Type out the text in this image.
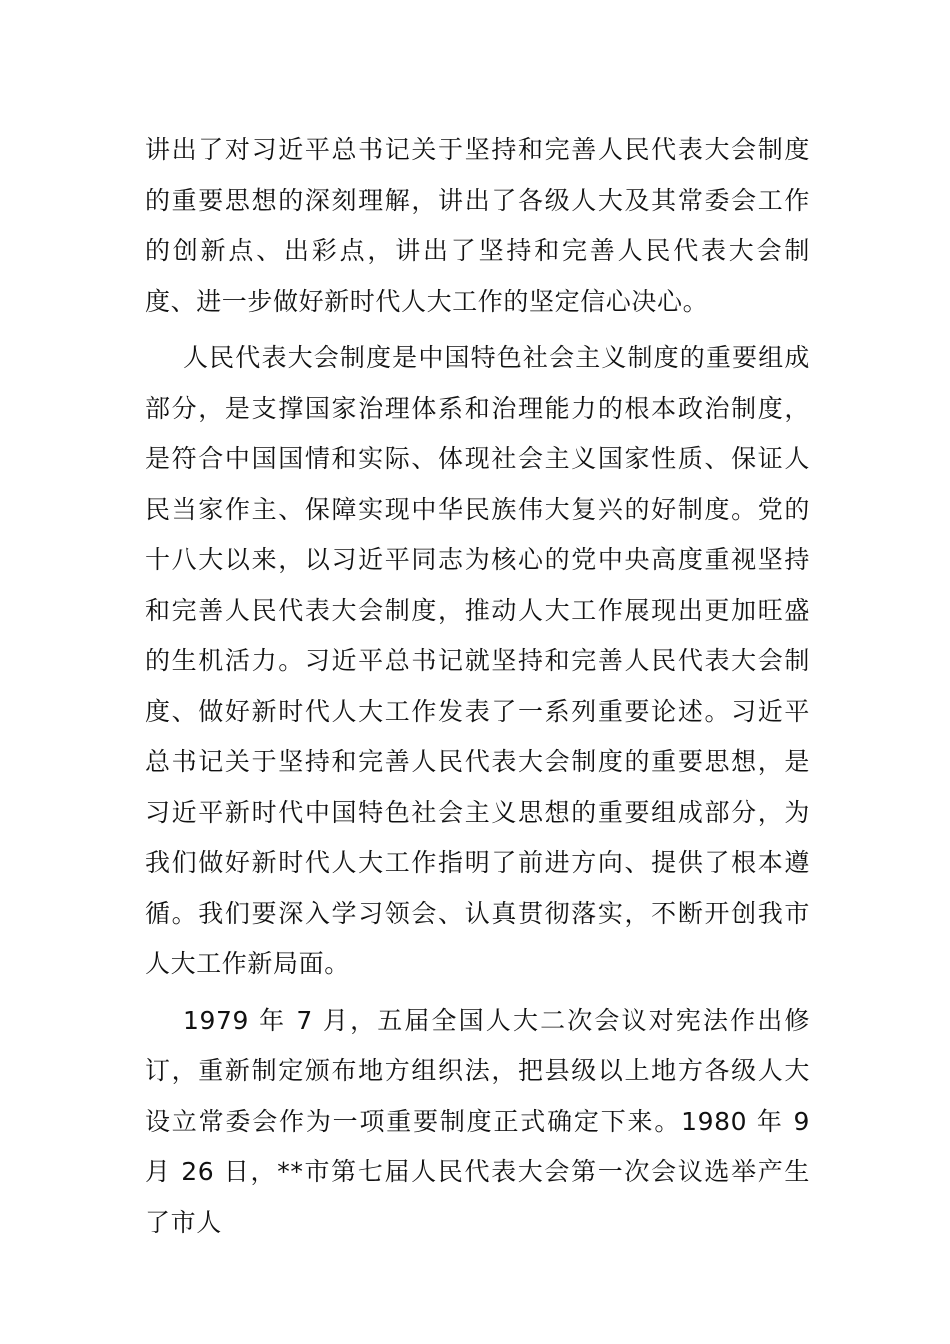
讲出了对习近平总书记关于坚持和完善人民代表大会制度的重要思想的深刻理解，讲出了各级人大及其常委会工作的创新点、出彩点，讲出了坚持和完善人民代表大会制度、进一步做好新时代人大工作的坚定信心决心。

人民代表大会制度是中国特色社会主义制度的重要组成部分，是支撑国家治理体系和治理能力的根本政治制度，是符合中国国情和实际、体现社会主义国家性质、保证人民当家作主、保障实现中华民族伟大复兴的好制度。党的十八大以来，以习近平同志为核心的党中央高度重视坚持和完善人民代表大会制度，推动人大工作展现出更加旺盛的生机活力。习近平总书记就坚持和完善人民代表大会制度、做好新时代人大工作发表了一系列重要论述。习近平总书记关于坚持和完善人民代表大会制度的重要思想，是习近平新时代中国特色社会主义思想的重要组成部分，为我们做好新时代人大工作指明了前进方向、提供了根本遵循。我们要深入学习领会、认真贯彻落实，不断开创我市人大工作新局面。

1979 年 7 月，五届全国人大二次会议对宪法作出修订，重新制定颁布地方组织法，把县级以上地方各级人大设立常委会作为一项重要制度正式确定下来。1980 年 9 月 26 日，**市第七届人民代表大会第一次会议选举产生了市人
